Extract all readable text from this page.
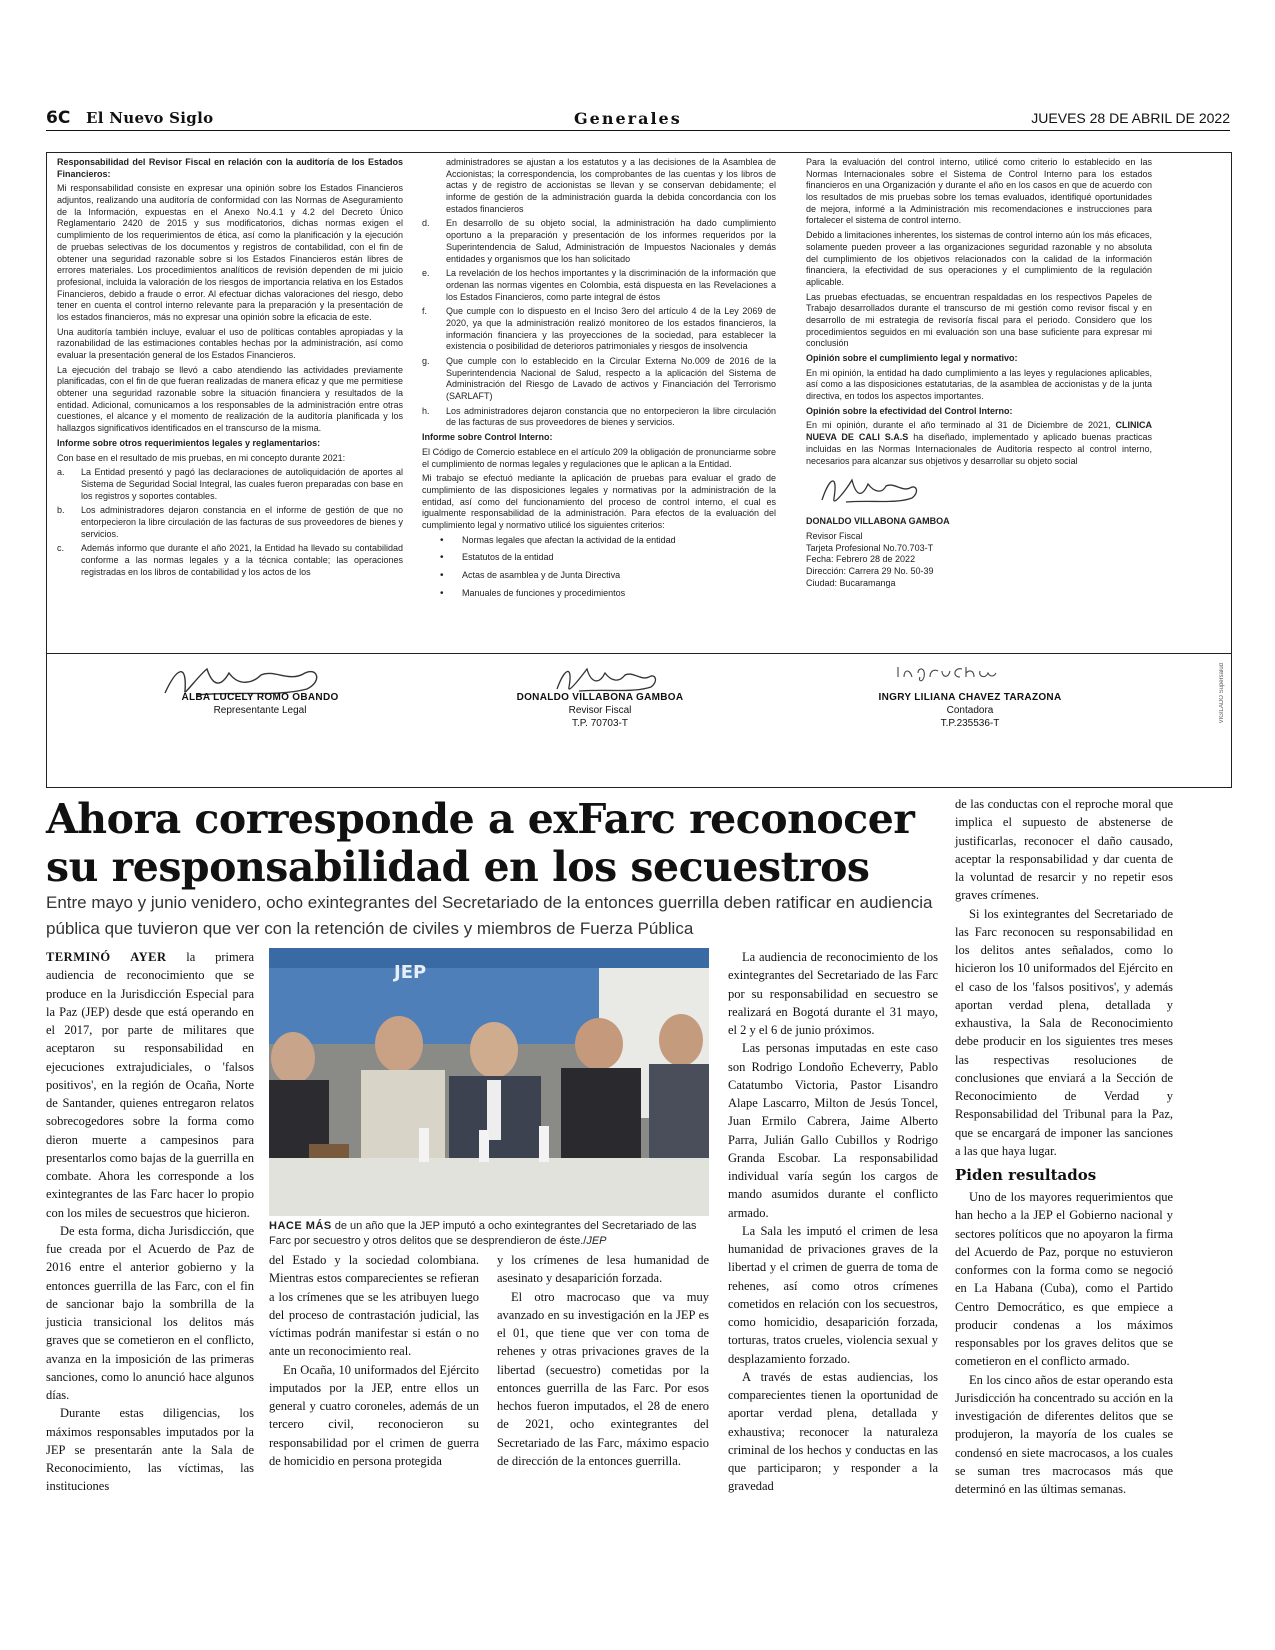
6C El Nuevo Siglo	Generales	JUEVES 28 DE ABRIL DE 2022

Responsabilidad del Revisor Fiscal en relación con la auditoría de los Estados Financieros:

Mi responsabilidad consiste en expresar una opinión sobre los Estados Financieros adjuntos, realizando una auditoría de conformidad con las Normas de Aseguramiento de la Información, expuestas en el Anexo No.4.1 y 4.2 del Decreto Único Reglamentario 2420 de 2015 y sus modificatorios, dichas normas exigen el cumplimiento de los requerimientos de ética, así como la planificación y la ejecución de pruebas selectivas de los documentos y registros de contabilidad, con el fin de obtener una seguridad razonable sobre si los Estados Financieros están libres de errores materiales. Los procedimientos analíticos de revisión dependen de mi juicio profesional, incluida la valoración de los riesgos de importancia relativa en los Estados Financieros, debido a fraude o error. Al efectuar dichas valoraciones del riesgo, debo tener en cuenta el control interno relevante para la preparación y la presentación de los estados financieros, más no expresar una opinión sobre la eficacia de este.

Una auditoría también incluye, evaluar el uso de políticas contables apropiadas y la razonabilidad de las estimaciones contables hechas por la administración, así como evaluar la presentación general de los Estados Financieros.

La ejecución del trabajo se llevó a cabo atendiendo las actividades previamente planificadas, con el fin de que fueran realizadas de manera eficaz y que me permitiese obtener una seguridad razonable sobre la situación financiera y resultados de la entidad. Adicional, comunicamos a los responsables de la administración entre otras cuestiones, el alcance y el momento de realización de la auditoría planificada y los hallazgos significativos identificados en el transcurso de la misma.

Informe sobre otros requerimientos legales y reglamentarios:

Con base en el resultado de mis pruebas, en mi concepto durante 2021:

a. La Entidad presentó y pagó las declaraciones de autoliquidación de aportes al Sistema de Seguridad Social Integral, las cuales fueron preparadas con base en los registros y soportes contables.
b. Los administradores dejaron constancia en el informe de gestión de que no entorpecieron la libre circulación de las facturas de sus proveedores de bienes y servicios.
c. Además informo que durante el año 2021, la Entidad ha llevado su contabilidad conforme a las normas legales y a la técnica contable; las operaciones registradas en los libros de contabilidad y los actos de los

administradores se ajustan a los estatutos y a las decisiones de la Asamblea de Accionistas; la correspondencia, los comprobantes de las cuentas y los libros de actas y de registro de accionistas se llevan y se conservan debidamente; el informe de gestión de la administración guarda la debida concordancia con los estados financieros

d. En desarrollo de su objeto social, la administración ha dado cumplimiento oportuno a la preparación y presentación de los informes requeridos por la Superintendencia de Salud, Administración de Impuestos Nacionales y demás entidades y organismos que los han solicitado
e. La revelación de los hechos importantes y la discriminación de la información que ordenan las normas vigentes en Colombia, está dispuesta en las Revelaciones a los Estados Financieros, como parte integral de éstos
f. Que cumple con lo dispuesto en el Inciso 3ero del artículo 4 de la Ley 2069 de 2020, ya que la administración realizó monitoreo de los estados financieros, la información financiera y las proyecciones de la sociedad, para establecer la existencia o posibilidad de deterioros patrimoniales y riesgos de insolvencia
g. Que cumple con lo establecido en la Circular Externa No.009 de 2016 de la Superintendencia Nacional de Salud, respecto a la aplicación del Sistema de Administración del Riesgo de Lavado de activos y Financiación del Terrorismo (SARLAFT)
h. Los administradores dejaron constancia que no entorpecieron la libre circulación de las facturas de sus proveedores de bienes y servicios.

Informe sobre Control Interno:

El Código de Comercio establece en el artículo 209 la obligación de pronunciarme sobre el cumplimiento de normas legales y regulaciones que le aplican a la Entidad.

Mi trabajo se efectuó mediante la aplicación de pruebas para evaluar el grado de cumplimiento de las disposiciones legales y normativas por la administración de la entidad, así como del funcionamiento del proceso de control interno, el cual es igualmente responsabilidad de la administración. Para efectos de la evaluación del cumplimiento legal y normativo utilicé los siguientes criterios:

• Normas legales que afectan la actividad de la entidad
• Estatutos de la entidad
• Actas de asamblea y de Junta Directiva
• Manuales de funciones y procedimientos

Para la evaluación del control interno, utilicé como criterio lo establecido en las Normas Internacionales sobre el Sistema de Control Interno para los estados financieros en una Organización y durante el año en los casos en que de acuerdo con los resultados de mis pruebas sobre los temas evaluados, identifiqué oportunidades de mejora, informé a la Administración mis recomendaciones e instrucciones para fortalecer el sistema de control interno.

Debido a limitaciones inherentes, los sistemas de control interno aún los más eficaces, solamente pueden proveer a las organizaciones seguridad razonable y no absoluta del cumplimiento de los objetivos relacionados con la calidad de la información financiera, la efectividad de sus operaciones y el cumplimiento de la regulación aplicable.

Las pruebas efectuadas, se encuentran respaldadas en los respectivos Papeles de Trabajo desarrollados durante el transcurso de mi gestión como revisor fiscal y en desarrollo de mi estrategia de revisoría fiscal para el periodo. Considero que los procedimientos seguidos en mi evaluación son una base suficiente para expresar mi conclusión

Opinión sobre el cumplimiento legal y normativo:

En mi opinión, la entidad ha dado cumplimiento a las leyes y regulaciones aplicables, así como a las disposiciones estatutarias, de la asamblea de accionistas y de la junta directiva, en todos los aspectos importantes.

Opinión sobre la efectividad del Control Interno:

En mi opinión, durante el año terminado al 31 de Diciembre de 2021, CLINICA NUEVA DE CALI S.A.S ha diseñado, implementado y aplicado buenas practicas incluidas en las Normas Internacionales de Auditoria respecto al control interno, necesarios para alcanzar sus objetivos y desarrollar su objeto social

DONALDO VILLABONA GAMBOA

Revisor Fiscal

Tarjeta Profesional No.70.703-T

Fecha: Febrero 28 de 2022

Dirección: Carrera 29 No. 50-39

Ciudad: Bucaramanga

ALBA LUCELY ROMO OBANDO
Representante Legal
DONALDO VILLABONA GAMBOA
Revisor Fiscal
T.P. 70703-T
INGRY LILIANA CHAVEZ TARAZONA
Contadora
T.P.235536-T
VIGILADO Supersalud
Ahora corresponde a exFarc reconocer
su responsabilidad en los secuestros

Entre mayo y junio venidero, ocho exintegrantes del Secretariado de la entonces guerrilla deben ratificar en audiencia pública que tuvieron que ver con la retención de civiles y miembros de Fuerza Pública

TERMINÓ AYER la primera audiencia de reconocimiento que se produce en la Jurisdicción Especial para la Paz (JEP) desde que está operando en el 2017, por parte de militares que aceptaron su responsabilidad en ejecuciones extrajudiciales, o 'falsos positivos', en la región de Ocaña, Norte de Santander, quienes entregaron relatos sobrecogedores sobre la forma como dieron muerte a campesinos para presentarlos como bajas de la guerrilla en combate. Ahora les corresponde a los exintegrantes de las Farc hacer lo propio con los miles de secuestros que hicieron.

De esta forma, dicha Jurisdicción, que fue creada por el Acuerdo de Paz de 2016 entre el anterior gobierno y la entonces guerrilla de las Farc, con el fin de sancionar bajo la sombrilla de la justicia transicional los delitos más graves que se cometieron en el conflicto, avanza en la imposición de las primeras sanciones, como lo anunció hace algunos días.

Durante estas diligencias, los máximos responsables imputados por la JEP se presentarán ante la Sala de Reconocimiento, las víctimas, las instituciones

JEP
HACE MÁS de un año que la JEP imputó a ocho exintegrantes del Secretariado de las Farc por secuestro y otros delitos que se desprendieron de éste./JEP

del Estado y la sociedad colombiana. Mientras estos comparecientes se refieran a los crímenes que se les atribuyen luego del proceso de contrastación judicial, las víctimas podrán manifestar si están o no ante un reconocimiento real.

En Ocaña, 10 uniformados del Ejército imputados por la JEP, entre ellos un general y cuatro coroneles, además de un tercero civil, reconocieron su responsabilidad por el crimen de guerra de homicidio en persona protegida

y los crímenes de lesa humanidad de asesinato y desaparición forzada.

El otro macrocaso que va muy avanzado en su investigación en la JEP es el 01, que tiene que ver con toma de rehenes y otras privaciones graves de la libertad (secuestro) cometidas por la entonces guerrilla de las Farc. Por esos hechos fueron imputados, el 28 de enero de 2021, ocho exintegrantes del Secretariado de las Farc, máximo espacio de dirección de la entonces guerrilla.

La audiencia de reconocimiento de los exintegrantes del Secretariado de las Farc por su responsabilidad en secuestro se realizará en Bogotá durante el 31 mayo, el 2 y el 6 de junio próximos.

Las personas imputadas en este caso son Rodrigo Londoño Echeverry, Pablo Catatumbo Victoria, Pastor Lisandro Alape Lascarro, Milton de Jesús Toncel, Juan Ermilo Cabrera, Jaime Alberto Parra, Julián Gallo Cubillos y Rodrigo Granda Escobar. La responsabilidad individual varía según los cargos de mando asumidos durante el conflicto armado.

La Sala les imputó el crimen de lesa humanidad de privaciones graves de la libertad y el crimen de guerra de toma de rehenes, así como otros crímenes cometidos en relación con los secuestros, como homicidio, desaparición forzada, torturas, tratos crueles, violencia sexual y desplazamiento forzado.

A través de estas audiencias, los comparecientes tienen la oportunidad de aportar verdad plena, detallada y exhaustiva; reconocer la naturaleza criminal de los hechos y conductas en las que participaron; y responder a la gravedad

de las conductas con el reproche moral que implica el supuesto de abstenerse de justificarlas, reconocer el daño causado, aceptar la responsabilidad y dar cuenta de la voluntad de resarcir y no repetir esos graves crímenes.

Si los exintegrantes del Secretariado de las Farc reconocen su responsabilidad en los delitos antes señalados, como lo hicieron los 10 uniformados del Ejército en el caso de los 'falsos positivos', y además aportan verdad plena, detallada y exhaustiva, la Sala de Reconocimiento debe producir en los siguientes tres meses las respectivas resoluciones de conclusiones que enviará a la Sección de Reconocimiento de Verdad y Responsabilidad del Tribunal para la Paz, que se encargará de imponer las sanciones a las que haya lugar.

Piden resultados

Uno de los mayores requerimientos que han hecho a la JEP el Gobierno nacional y sectores políticos que no apoyaron la firma del Acuerdo de Paz, porque no estuvieron conformes con la forma como se negoció en La Habana (Cuba), como el Partido Centro Democrático, es que empiece a producir condenas a los máximos responsables por los graves delitos que se cometieron en el conflicto armado.

En los cinco años de estar operando esta Jurisdicción ha concentrado su acción en la investigación de diferentes delitos que se produjeron, la mayoría de los cuales se condensó en siete macrocasos, a los cuales se suman tres macrocasos más que determinó en las últimas semanas.
